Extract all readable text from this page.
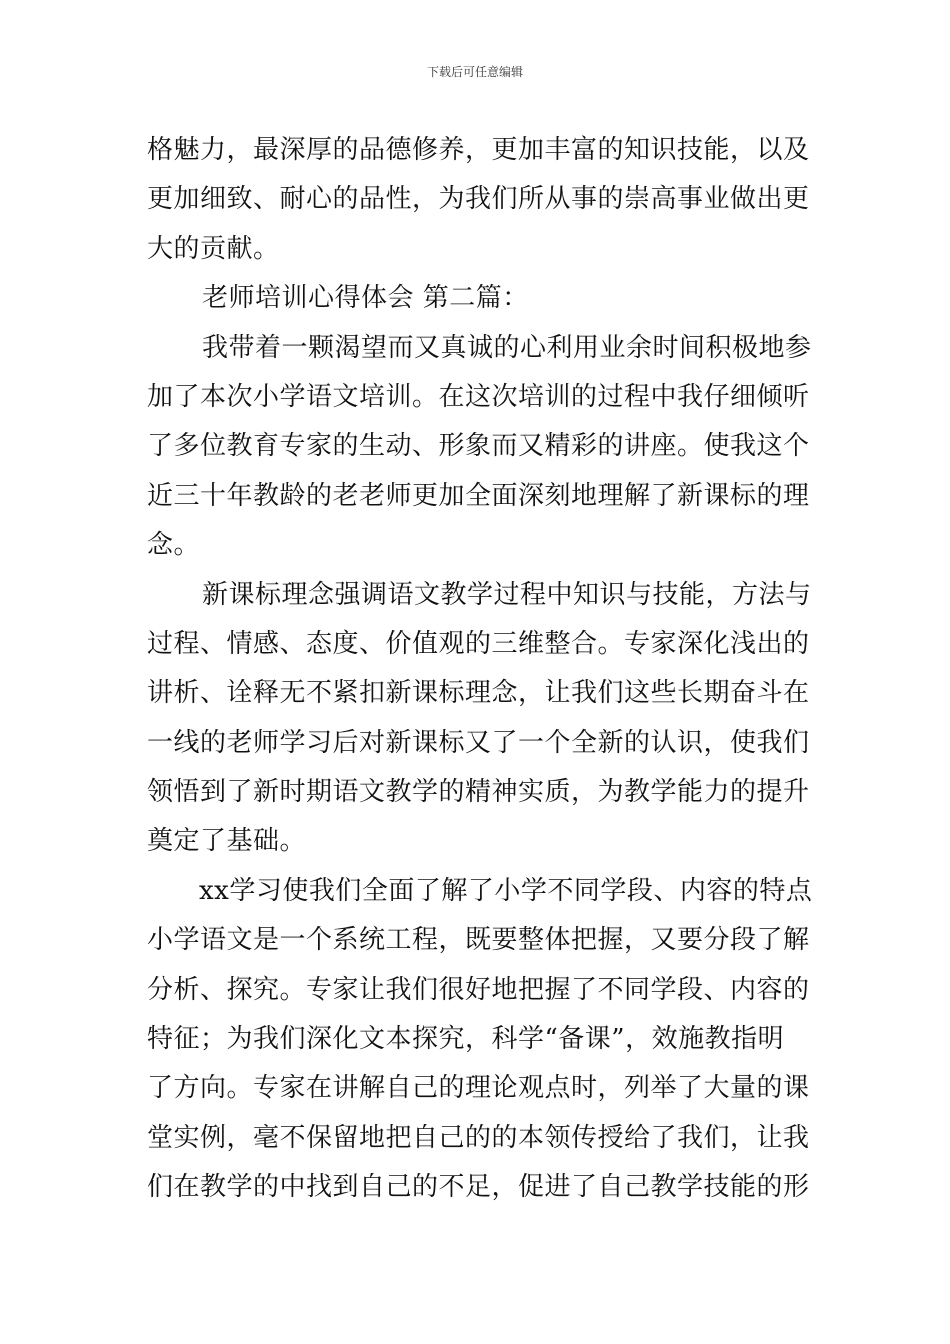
下载后可任意编辑
格魅力，最深厚的品德修养，更加丰富的知识技能，以及
更加细致、耐心的品性，为我们所从事的崇高事业做出更
大的贡献。
老师培训心得体会 第二篇：
我带着一颗渴望而又真诚的心利用业余时间积极地参
加了本次小学语文培训。在这次培训的过程中我仔细倾听
了多位教育专家的生动、形象而又精彩的讲座。使我这个
近三十年教龄的老老师更加全面深刻地理解了新课标的理
念。
新课标理念强调语文教学过程中知识与技能，方法与
过程、情感、态度、价值观的三维整合。专家深化浅出的
讲析、诠释无不紧扣新课标理念，让我们这些长期奋斗在
一线的老师学习后对新课标又了一个全新的认识，使我们
领悟到了新时期语文教学的精神实质，为教学能力的提升
奠定了基础。
xx学习使我们全面了解了小学不同学段、内容的特点
小学语文是一个系统工程，既要整体把握，又要分段了解
分析、探究。专家让我们很好地把握了不同学段、内容的
特征；为我们深化文本探究，科学“备课”，效施教指明
了方向。专家在讲解自己的理论观点时，列举了大量的课
堂实例，毫不保留地把自己的的本领传授给了我们，让我
们在教学的中找到自己的不足，促进了自己教学技能的形
